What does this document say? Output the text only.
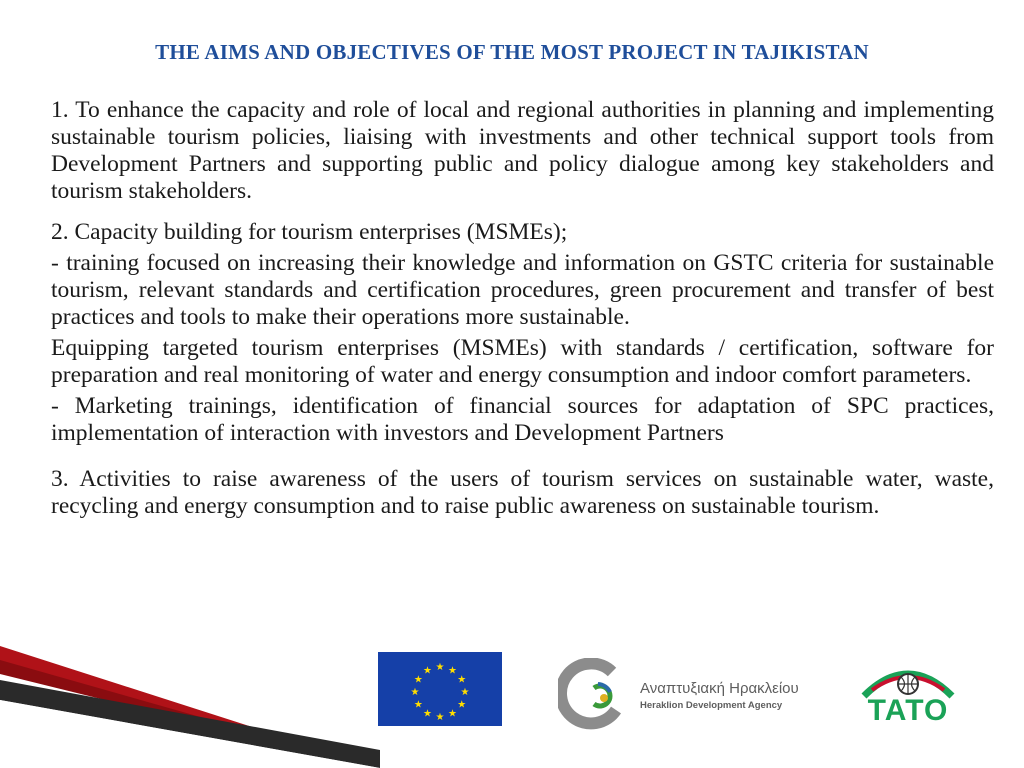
THE AIMS AND OBJECTIVES OF THE MOST PROJECT IN TAJIKISTAN

1. To enhance the capacity and role of local and regional authorities in planning and implementing sustainable tourism policies, liaising with investments and other technical support tools from Development Partners and supporting public and policy dialogue among key stakeholders and tourism stakeholders.

2. Capacity building for tourism enterprises (MSMEs);

- training focused on increasing their knowledge and information on GSTC criteria for sustainable tourism, relevant standards and certification procedures, green procurement and transfer of best practices and tools to make their operations more sustainable.

Equipping targeted tourism enterprises (MSMEs) with standards / certification, software for preparation and real monitoring of water and energy consumption and indoor comfort parameters.

- Marketing trainings, identification of financial sources for adaptation of SPC practices, implementation of interaction with investors and Development Partners

3. Activities to raise awareness of the users of tourism services on sustainable water, waste, recycling and energy consumption and to raise public awareness on sustainable tourism.

★ ★
★
★
★
★
★
★
★
★
★
★
Αναπτυξιακή Ηρακλείου
Heraklion Development Agency	TATO
